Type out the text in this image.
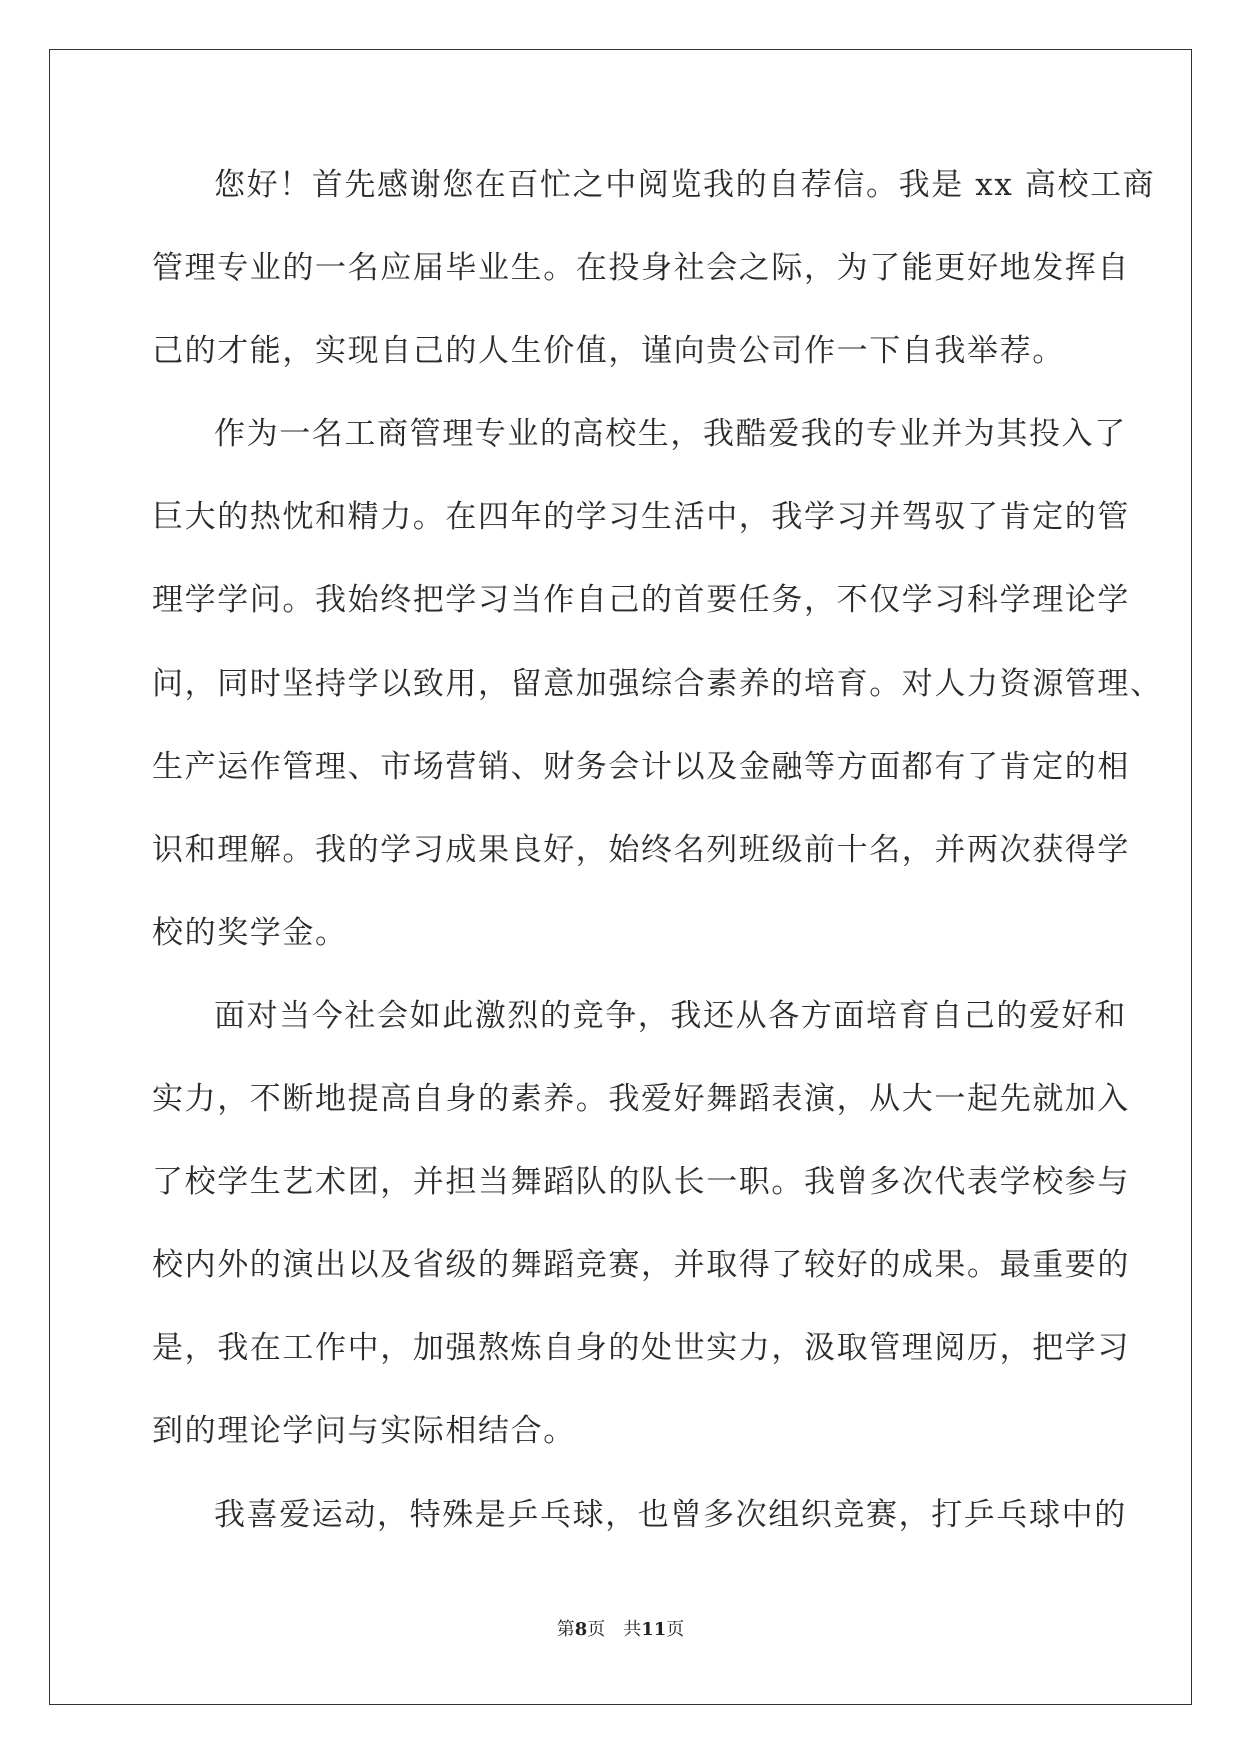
您好！首先感谢您在百忙之中阅览我的自荐信。我是 xx 高校工商
管理专业的一名应届毕业生。在投身社会之际，为了能更好地发挥自
己的才能，实现自己的人生价值，谨向贵公司作一下自我举荐。
作为一名工商管理专业的高校生，我酷爱我的专业并为其投入了
巨大的热忱和精力。在四年的学习生活中，我学习并驾驭了肯定的管
理学学问。我始终把学习当作自己的首要任务，不仅学习科学理论学
问，同时坚持学以致用，留意加强综合素养的培育。对人力资源管理、
生产运作管理、市场营销、财务会计以及金融等方面都有了肯定的相
识和理解。我的学习成果良好，始终名列班级前十名，并两次获得学
校的奖学金。
面对当今社会如此激烈的竞争，我还从各方面培育自己的爱好和
实力，不断地提高自身的素养。我爱好舞蹈表演，从大一起先就加入
了校学生艺术团，并担当舞蹈队的队长一职。我曾多次代表学校参与
校内外的演出以及省级的舞蹈竞赛，并取得了较好的成果。最重要的
是，我在工作中，加强熬炼自身的处世实力，汲取管理阅历，把学习
到的理论学问与实际相结合。
我喜爱运动，特殊是乒乓球，也曾多次组织竞赛，打乒乓球中的
第8页 共11页
